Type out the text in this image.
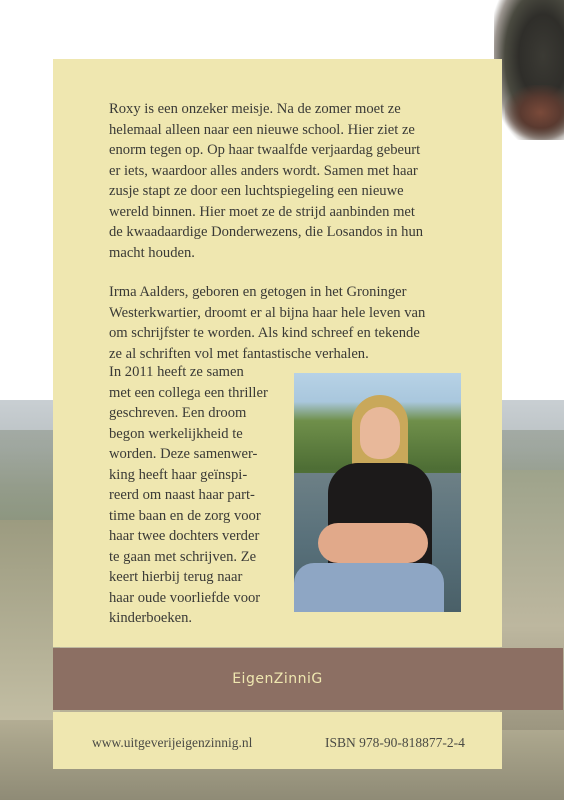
Roxy is een onzeker meisje. Na de zomer moet ze
helemaal alleen naar een nieuwe school. Hier ziet ze
enorm tegen op. Op haar twaalfde verjaardag gebeurt
er iets, waardoor alles anders wordt. Samen met haar
zusje stapt ze door een luchtspiegeling een nieuwe
wereld binnen. Hier moet ze de strijd aanbinden met
de kwaadaardige Donderwezens, die Losandos in hun
macht houden.

Irma Aalders, geboren en getogen in het Groninger
Westerkwartier, droomt er al bijna haar hele leven van
om schrijfster te worden. Als kind schreef en tekende
ze al schriften vol met fantastische verhalen.

In 2011 heeft ze samen
met een collega een thriller
geschreven. Een droom
begon werkelijkheid te
worden. Deze samenwer-
king heeft haar geïnspi-
reerd om naast haar part-
time baan en de zorg voor
haar twee dochters verder
te gaan met schrijven. Ze
keert hierbij terug naar
haar oude voorliefde voor
kinderboeken.

EigenZinniG

www.uitgeverijeigenzinnig.nl	ISBN 978-90-818877-2-4
